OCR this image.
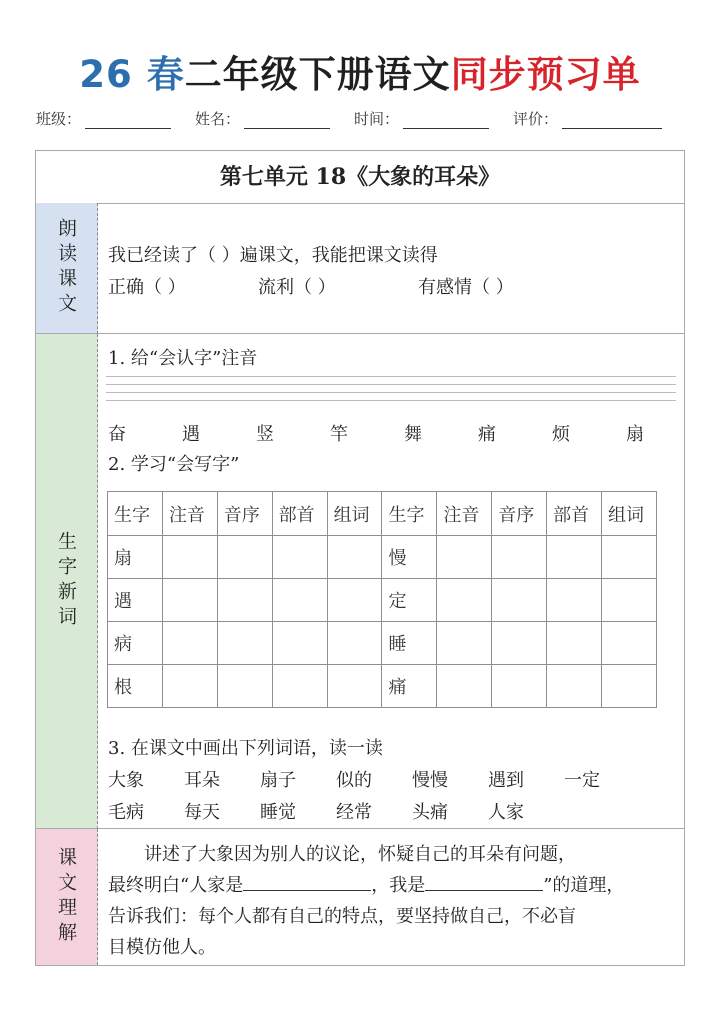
26 春二年级下册语文同步预习单
班级：	姓名：	时间：	评价：
第七单元 18《大象的耳朵》
朗读课文 我已经读了（ ）遍课文，我能把课文读得
正确（ ）	流利（ ）	有感情（ ）
生字新词
1. 给“会认字”注音
奋	遇	竖	竿	舞	痛	烦	扇
2. 学习“会写字”
生字	注音	音序	部首	组词	生字	注音	音序	部首	组词
扇					慢				
遇					定				
病					睡				
根					痛				
3. 在课文中画出下列词语，读一读
大象 耳朵 扇子 似的 慢慢 遇到 一定
毛病 每天 睡觉 经常 头痛 人家
课文理解	讲述了大象因为别人的议论，怀疑自己的耳朵有问题，
最终明白“人家是	，我是	”的道理，
告诉我们：每个人都有自己的特点，要坚持做自己，不必盲
目模仿他人。
